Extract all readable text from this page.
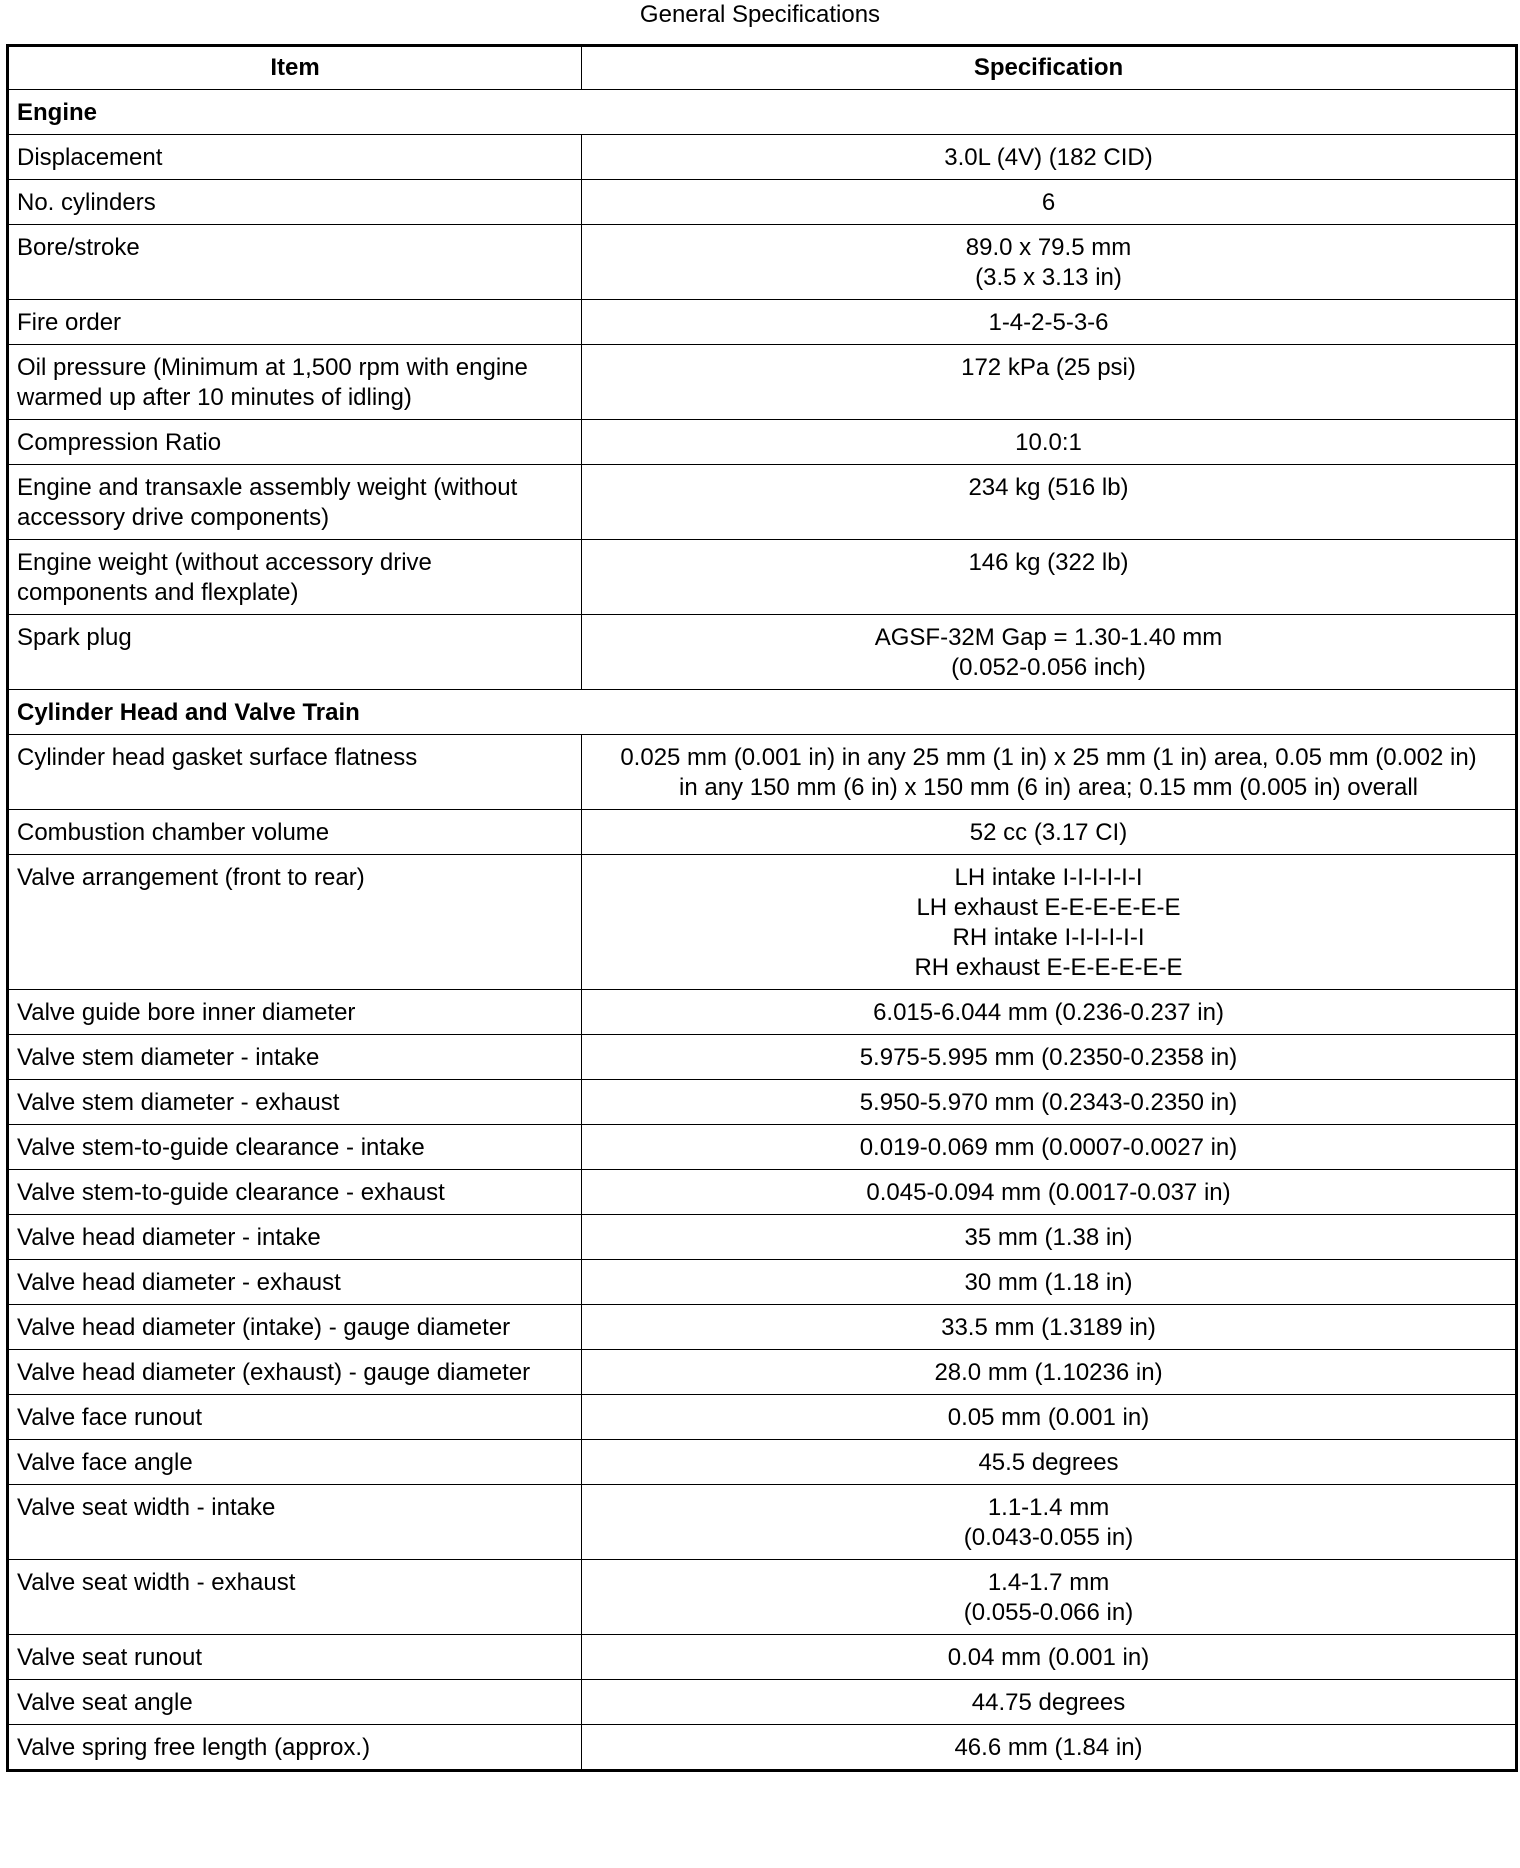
General Specifications
Item	Specification
Engine	

Displacement	3.0L (4V) (182 CID)

No. cylinders	6

Bore/stroke	89.0 x 79.5 mm
(3.5 x 3.13 in)

Fire order	1-4-2-5-3-6

Oil pressure (Minimum at 1,500 rpm with engine
warmed up after 10 minutes of idling)	172 kPa (25 psi)

Compression Ratio	10.0:1

Engine and transaxle assembly weight (without
accessory drive components)	234 kg (516 lb)

Engine weight (without accessory drive
components and flexplate)	146 kg (322 lb)

Spark plug	AGSF-32M Gap = 1.30-1.40 mm
(0.052-0.056 inch)

Cylinder Head and Valve Train	

Cylinder head gasket surface flatness	0.025 mm (0.001 in) in any 25 mm (1 in) x 25 mm (1 in) area, 0.05 mm (0.002 in)
in any 150 mm (6 in) x 150 mm (6 in) area; 0.15 mm (0.005 in) overall

Combustion chamber volume	52 cc (3.17 CI)

Valve arrangement (front to rear)	LH intake I-I-I-I-I-I
LH exhaust E-E-E-E-E-E
RH intake I-I-I-I-I-I
RH exhaust E-E-E-E-E-E

Valve guide bore inner diameter	6.015-6.044 mm (0.236-0.237 in)

Valve stem diameter - intake	5.975-5.995 mm (0.2350-0.2358 in)

Valve stem diameter - exhaust	5.950-5.970 mm (0.2343-0.2350 in)

Valve stem-to-guide clearance - intake	0.019-0.069 mm (0.0007-0.0027 in)

Valve stem-to-guide clearance - exhaust	0.045-0.094 mm (0.0017-0.037 in)

Valve head diameter - intake	35 mm (1.38 in)

Valve head diameter - exhaust	30 mm (1.18 in)

Valve head diameter (intake) - gauge diameter	33.5 mm (1.3189 in)

Valve head diameter (exhaust) - gauge diameter	28.0 mm (1.10236 in)

Valve face runout	0.05 mm (0.001 in)

Valve face angle	45.5 degrees

Valve seat width - intake	1.1-1.4 mm
(0.043-0.055 in)

Valve seat width - exhaust	1.4-1.7 mm
(0.055-0.066 in)

Valve seat runout	0.04 mm (0.001 in)

Valve seat angle	44.75 degrees

Valve spring free length (approx.)	46.6 mm (1.84 in)
